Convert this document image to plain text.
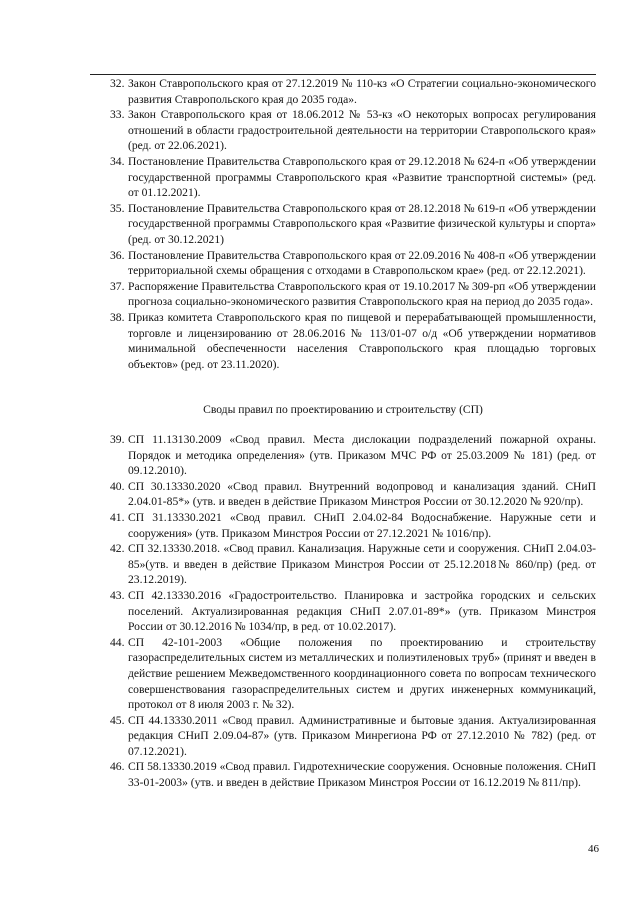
32. Закон Ставропольского края от 27.12.2019 № 110-кз «О Стратегии социально-экономического развития Ставропольского края до 2035 года».
33. Закон Ставропольского края от 18.06.2012 № 53-кз «О некоторых вопросах регулирования отношений в области градостроительной деятельности на территории Ставропольского края» (ред. от 22.06.2021).
34. Постановление Правительства Ставропольского края от 29.12.2018 № 624-п «Об утверждении государственной программы Ставропольского края «Развитие транспортной системы» (ред. от 01.12.2021).
35. Постановление Правительства Ставропольского края от 28.12.2018 № 619-п «Об утверждении государственной программы Ставропольского края «Развитие физической культуры и спорта» (ред. от 30.12.2021)
36. Постановление Правительства Ставропольского края от 22.09.2016 № 408-п «Об утверждении территориальной схемы обращения с отходами в Ставропольском крае» (ред. от 22.12.2021).
37. Распоряжение Правительства Ставропольского края от 19.10.2017 № 309-рп «Об утверждении прогноза социально-экономического развития Ставропольского края на период до 2035 года».
38. Приказ комитета Ставропольского края по пищевой и перерабатывающей промышленности, торговле и лицензированию от 28.06.2016 № 113/01-07 о/д «Об утверждении нормативов минимальной обеспеченности населения Ставропольского края площадью торговых объектов» (ред. от 23.11.2020).
Своды правил по проектированию и строительству (СП)
39. СП 11.13130.2009 «Свод правил. Места дислокации подразделений пожарной охраны. Порядок и методика определения» (утв. Приказом МЧС РФ от 25.03.2009 № 181) (ред. от 09.12.2010).
40. СП 30.13330.2020 «Свод правил. Внутренний водопровод и канализация зданий. СНиП 2.04.01-85*» (утв. и введен в действие Приказом Минстроя России от 30.12.2020 № 920/пр).
41. СП 31.13330.2021 «Свод правил. СНиП 2.04.02-84 Водоснабжение. Наружные сети и сооружения» (утв. Приказом Минстроя России от 27.12.2021 № 1016/пр).
42. СП 32.13330.2018. «Свод правил. Канализация. Наружные сети и сооружения. СНиП 2.04.03-85»(утв. и введен в действие Приказом Минстроя России от 25.12.2018№ 860/пр) (ред. от 23.12.2019).
43. СП 42.13330.2016 «Градостроительство. Планировка и застройка городских и сельских поселений. Актуализированная редакция СНиП 2.07.01-89*» (утв. Приказом Минстроя России от 30.12.2016 № 1034/пр, в ред. от 10.02.2017).
44. СП 42-101-2003 «Общие положения по проектированию и строительству газораспределительных систем из металлических и полиэтиленовых труб» (принят и введен в действие решением Межведомственного координационного совета по вопросам технического совершенствования газораспределительных систем и других инженерных коммуникаций, протокол от 8 июля 2003 г. № 32).
45. СП 44.13330.2011 «Свод правил. Административные и бытовые здания. Актуализированная редакция СНиП 2.09.04-87» (утв. Приказом Минрегиона РФ от 27.12.2010 № 782) (ред. от 07.12.2021).
46. СП 58.13330.2019 «Свод правил. Гидротехнические сооружения. Основные положения. СНиП 33-01-2003» (утв. и введен в действие Приказом Минстроя России от 16.12.2019 № 811/пр).
46
